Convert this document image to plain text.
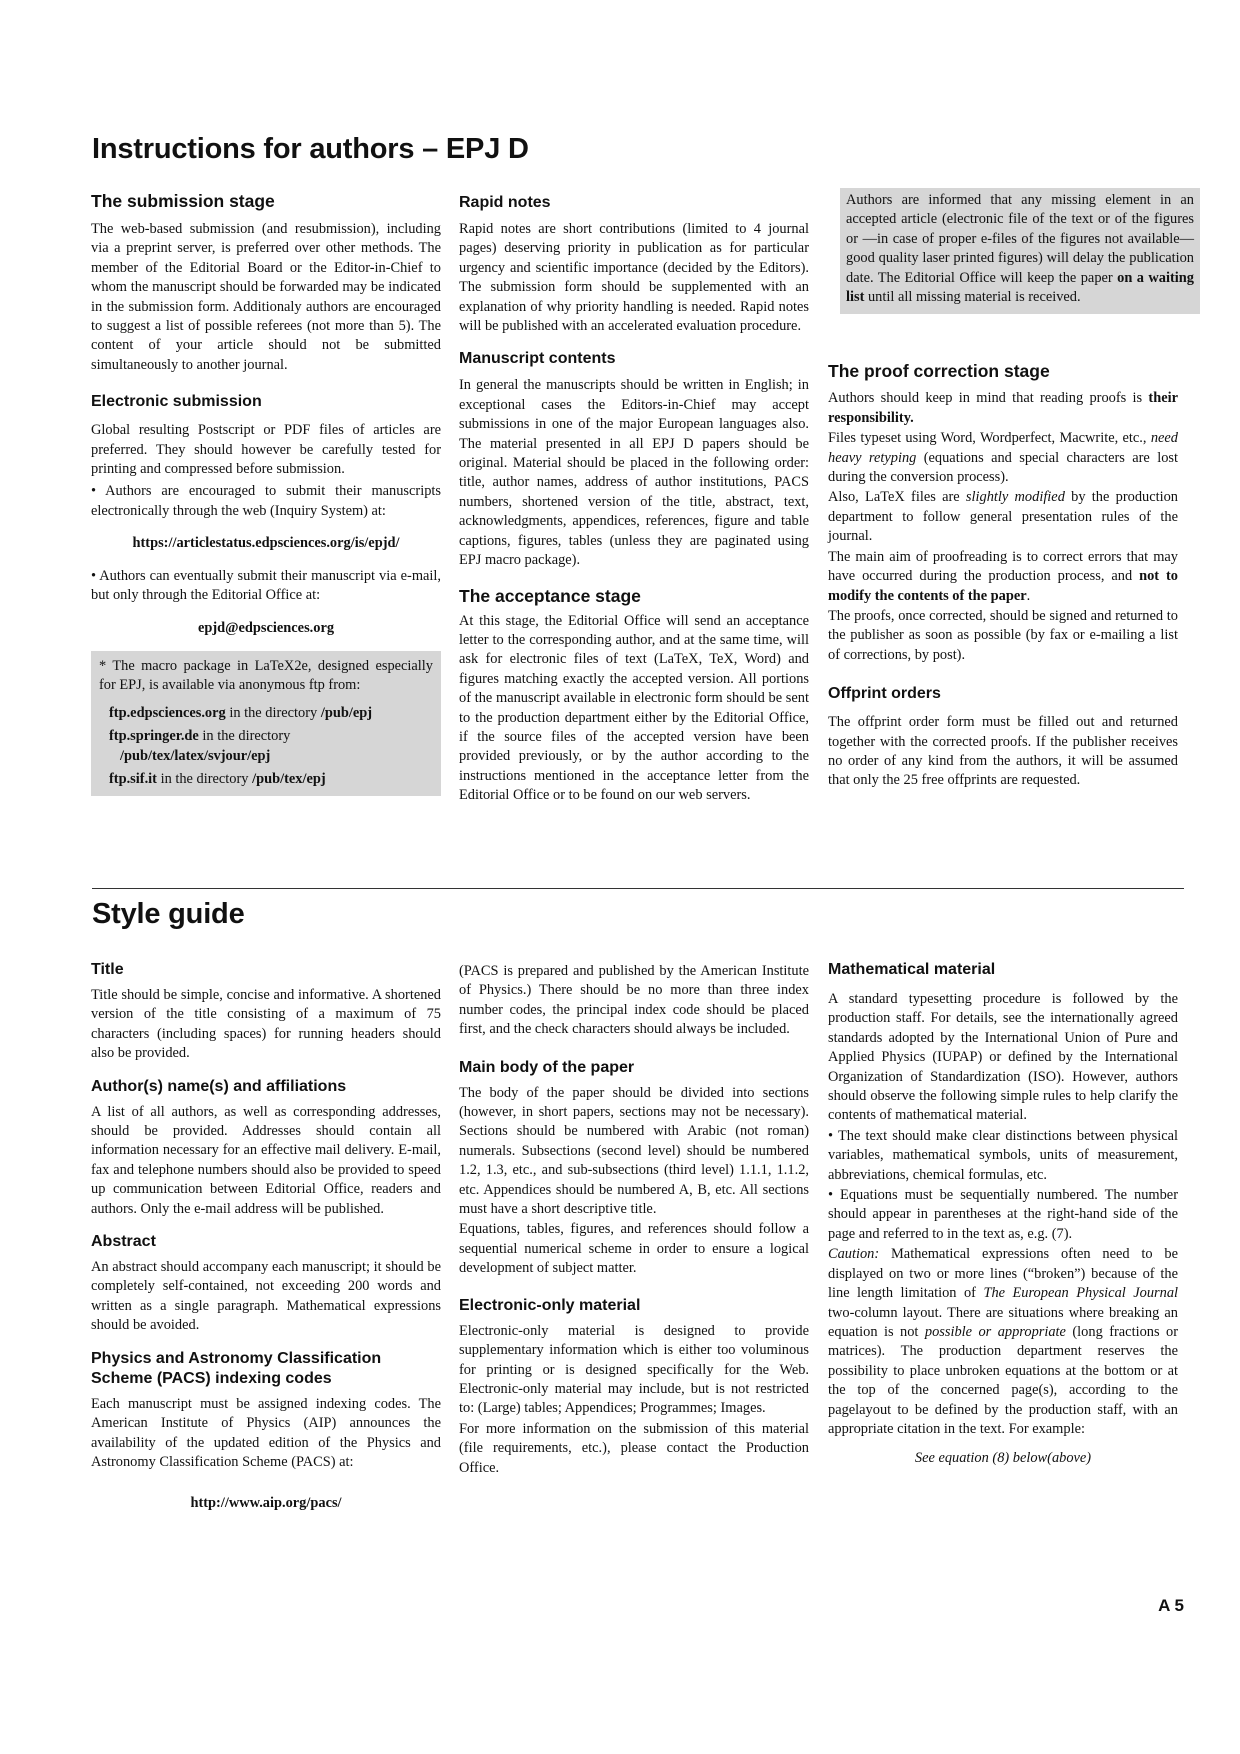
Instructions for authors – EPJ D
The submission stage

The web-based submission (and resubmission), including via a preprint server, is preferred over other methods. The member of the Editorial Board or the Editor-in-Chief to whom the manuscript should be forwarded may be indicated in the submission form. Additionaly authors are encouraged to suggest a list of possible referees (not more than 5). The content of your article should not be submitted simultaneously to another journal.

Electronic submission

Global resulting Postscript or PDF files of articles are preferred. They should however be carefully tested for printing and compressed before submission.

• Authors are encouraged to submit their manuscripts electronically through the web (Inquiry System) at:

https://articlestatus.edpsciences.org/is/epjd/

• Authors can eventually submit their manuscript via e-mail, but only through the Editorial Office at:

epjd@edpsciences.org

* The macro package in LaTeX2e, designed especially for EPJ, is available via anonymous ftp from:

ftp.edpsciences.org in the directory /pub/epj
ftp.springer.de in the directory
/pub/tex/latex/svjour/epj
ftp.sif.it in the directory /pub/tex/epj
Rapid notes

Rapid notes are short contributions (limited to 4 journal pages) deserving priority in publication as for particular urgency and scientific importance (decided by the Editors). The submission form should be supplemented with an explanation of why priority handling is needed. Rapid notes will be published with an accelerated evaluation procedure.

Manuscript contents

In general the manuscripts should be written in English; in exceptional cases the Editors-in-Chief may accept submissions in one of the major European languages also. The material presented in all EPJ D papers should be original. Material should be placed in the following order: title, author names, address of author institutions, PACS numbers, shortened version of the title, abstract, text, acknowledgments, appendices, references, figure and table captions, figures, tables (unless they are paginated using EPJ macro package).

The acceptance stage

At this stage, the Editorial Office will send an acceptance letter to the corresponding author, and at the same time, will ask for electronic files of text (LaTeX, TeX, Word) and figures matching exactly the accepted version. All portions of the manuscript available in electronic form should be sent to the production department either by the Editorial Office, if the source files of the accepted version have been provided previously, or by the author according to the instructions mentioned in the acceptance letter from the Editorial Office or to be found on our web servers.

Authors are informed that any missing element in an accepted article (electronic file of the text or of the figures or —in case of proper e-files of the figures not available— good quality laser printed figures) will delay the publication date. The Editorial Office will keep the paper on a waiting list until all missing material is received.

The proof correction stage

Authors should keep in mind that reading proofs is their responsibility.

Files typeset using Word, Wordperfect, Macwrite, etc., need heavy retyping (equations and special characters are lost during the conversion process).

Also, LaTeX files are slightly modified by the production department to follow general presentation rules of the journal.

The main aim of proofreading is to correct errors that may have occurred during the production process, and not to modify the contents of the paper.

The proofs, once corrected, should be signed and returned to the publisher as soon as possible (by fax or e-mailing a list of corrections, by post).

Offprint orders

The offprint order form must be filled out and returned together with the corrected proofs. If the publisher receives no order of any kind from the authors, it will be assumed that only the 25 free offprints are requested.

Style guide
Title

Title should be simple, concise and informative. A shortened version of the title consisting of a maximum of 75 characters (including spaces) for running headers should also be provided.

Author(s) name(s) and affiliations

A list of all authors, as well as corresponding addresses, should be provided. Addresses should contain all information necessary for an effective mail delivery. E-mail, fax and telephone numbers should also be provided to speed up communication between Editorial Office, readers and authors. Only the e-mail address will be published.

Abstract

An abstract should accompany each manuscript; it should be completely self-contained, not exceeding 200 words and written as a single paragraph. Mathematical expressions should be avoided.

Physics and Astronomy Classification
Scheme (PACS) indexing codes

Each manuscript must be assigned indexing codes. The American Institute of Physics (AIP) announces the availability of the updated edition of the Physics and Astronomy Classification Scheme (PACS) at:

http://www.aip.org/pacs/

(PACS is prepared and published by the American Institute of Physics.) There should be no more than three index number codes, the principal index code should be placed first, and the check characters should always be included.

Main body of the paper

The body of the paper should be divided into sections (however, in short papers, sections may not be necessary). Sections should be numbered with Arabic (not roman) numerals. Subsections (second level) should be numbered 1.2, 1.3, etc., and sub-subsections (third level) 1.1.1, 1.1.2, etc. Appendices should be numbered A, B, etc. All sections must have a short descriptive title.

Equations, tables, figures, and references should follow a sequential numerical scheme in order to ensure a logical development of subject matter.

Electronic-only material

Electronic-only material is designed to provide supplementary information which is either too voluminous for printing or is designed specifically for the Web. Electronic-only material may include, but is not restricted to: (Large) tables; Appendices; Programmes; Images.

For more information on the submission of this material (file requirements, etc.), please contact the Production Office.

Mathematical material

A standard typesetting procedure is followed by the production staff. For details, see the internationally agreed standards adopted by the International Union of Pure and Applied Physics (IUPAP) or defined by the International Organization of Standardization (ISO). However, authors should observe the following simple rules to help clarify the contents of mathematical material.

• The text should make clear distinctions between physical variables, mathematical symbols, units of measurement, abbreviations, chemical formulas, etc.

• Equations must be sequentially numbered. The number should appear in parentheses at the right-hand side of the page and referred to in the text as, e.g. (7).

Caution: Mathematical expressions often need to be displayed on two or more lines (“broken”) because of the line length limitation of The European Physical Journal two-column layout. There are situations where breaking an equation is not possible or appropriate (long fractions or matrices). The production department reserves the possibility to place unbroken equations at the bottom or at the top of the concerned page(s), according to the pagelayout to be defined by the production staff, with an appropriate citation in the text. For example:

See equation (8) below(above)

A 5
